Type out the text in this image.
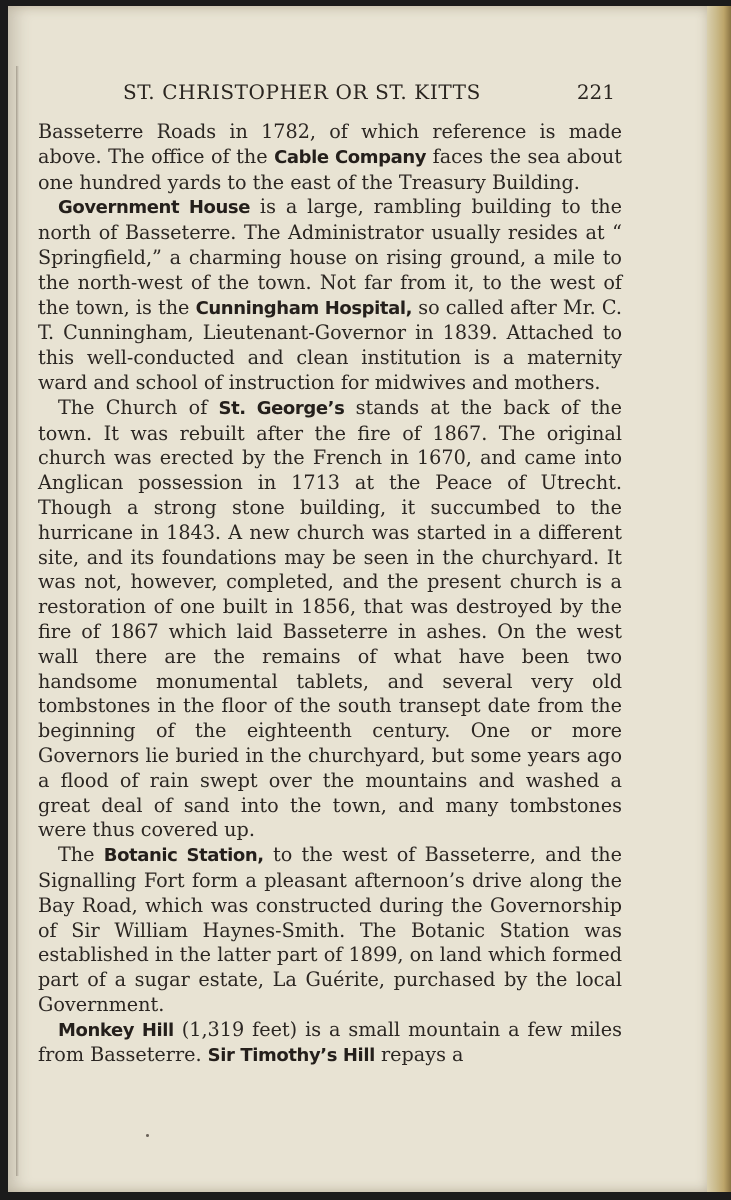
ST. CHRISTOPHER OR ST. KITTS	221

Basseterre Roads in 1782, of which reference is made above. The office of the Cable Company faces the sea about one hundred yards to the east of the Treasury Building.

Government House is a large, rambling building to the north of Basseterre. The Administrator usually resides at “ Springfield,” a charming house on rising ground, a mile to the north-west of the town. Not far from it, to the west of the town, is the Cunningham Hospital, so called after Mr. C. T. Cunningham, Lieutenant-Governor in 1839. Attached to this well-conducted and clean institution is a maternity ward and school of instruction for midwives and mothers.

The Church of St. George’s stands at the back of the town. It was rebuilt after the fire of 1867. The original church was erected by the French in 1670, and came into Anglican possession in 1713 at the Peace of Utrecht. Though a strong stone building, it succumbed to the hurricane in 1843. A new church was started in a different site, and its foundations may be seen in the churchyard. It was not, however, completed, and the present church is a restoration of one built in 1856, that was destroyed by the fire of 1867 which laid Basseterre in ashes. On the west wall there are the remains of what have been two handsome monumental tablets, and several very old tombstones in the floor of the south transept date from the beginning of the eighteenth century. One or more Governors lie buried in the churchyard, but some years ago a flood of rain swept over the mountains and washed a great deal of sand into the town, and many tombstones were thus covered up.

The Botanic Station, to the west of Basseterre, and the Signalling Fort form a pleasant afternoon’s drive along the Bay Road, which was constructed during the Governorship of Sir William Haynes-Smith. The Botanic Station was established in the latter part of 1899, on land which formed part of a sugar estate, La Guérite, purchased by the local Government.

Monkey Hill (1,319 feet) is a small mountain a few miles from Basseterre. Sir Timothy’s Hill repays a
